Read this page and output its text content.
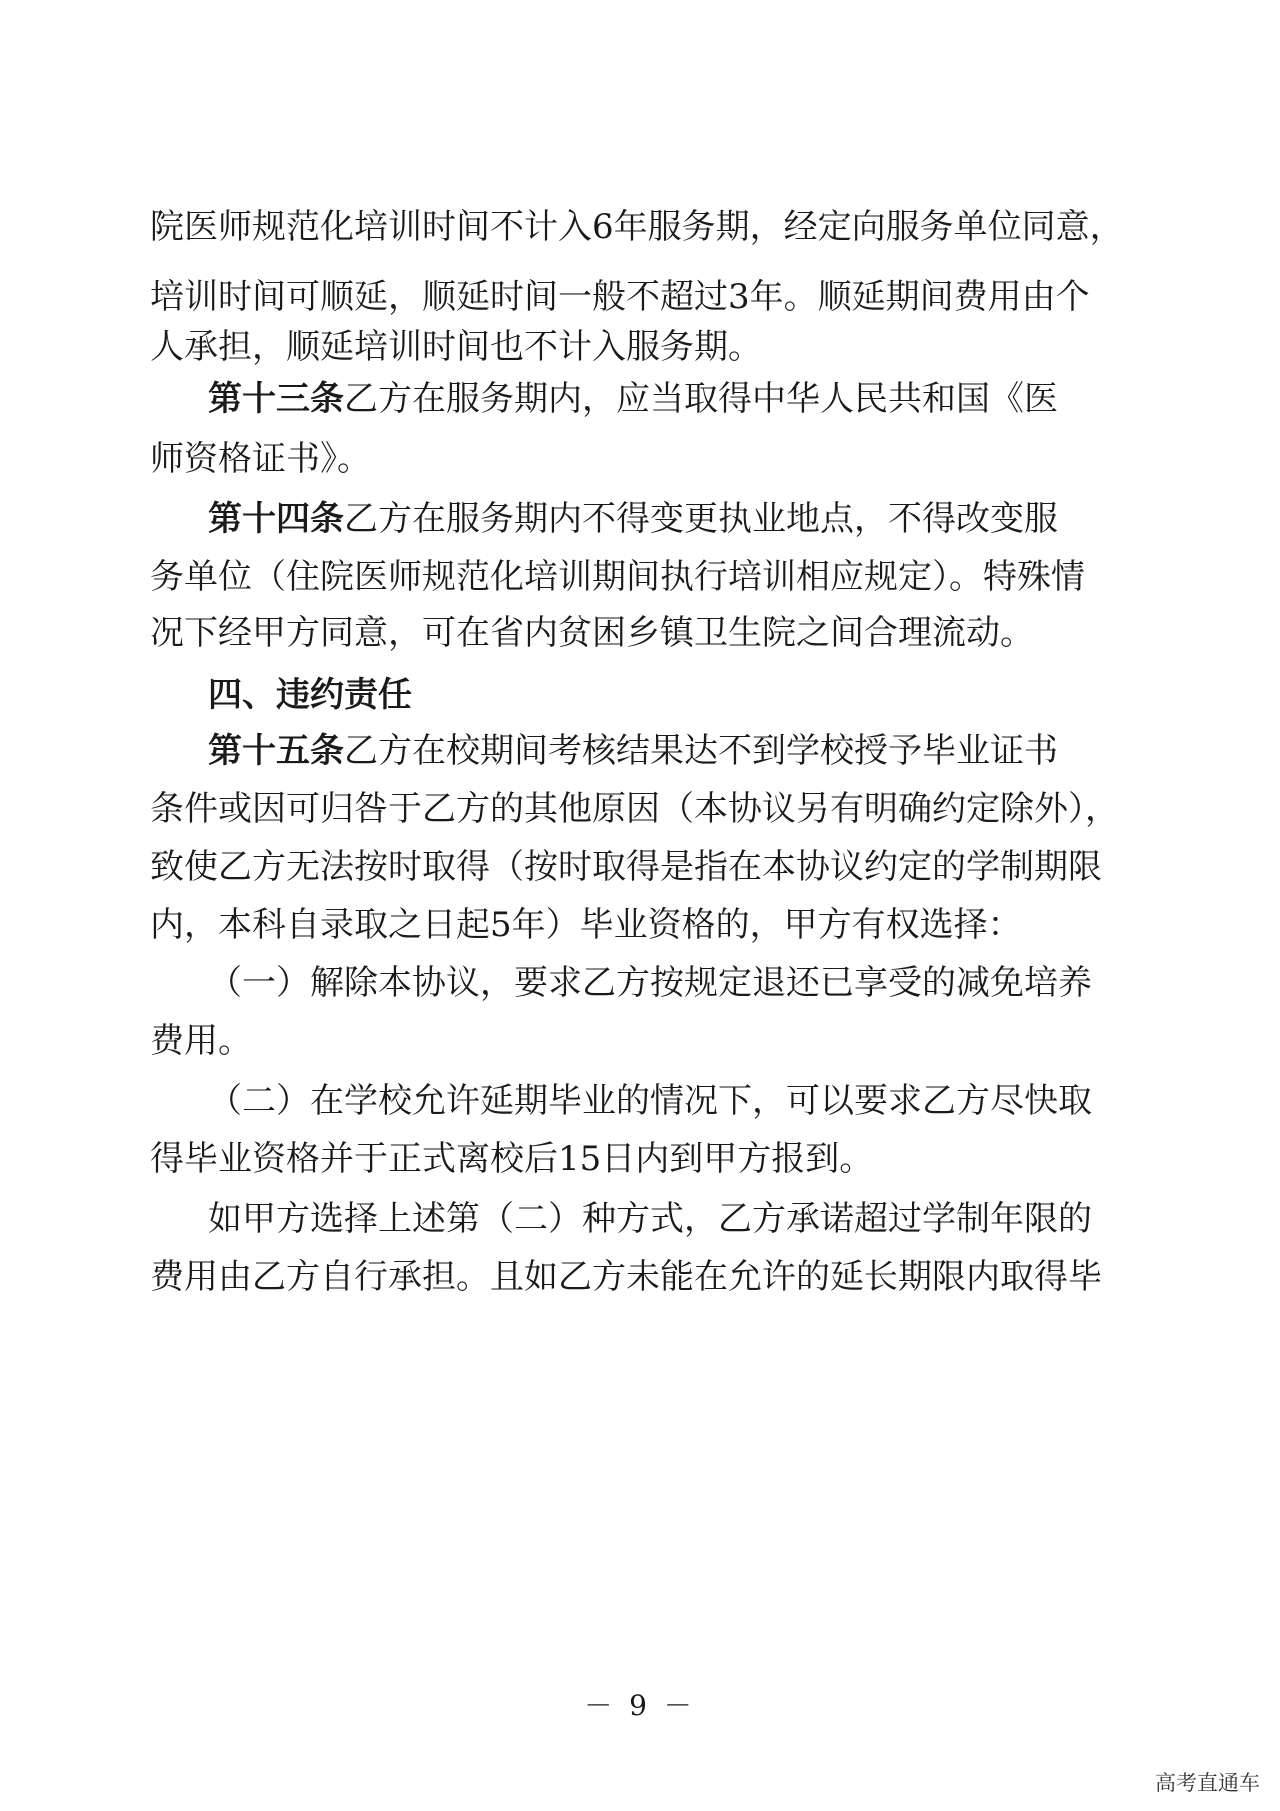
院医师规范化培训时间不计入6年服务期，经定向服务单位同意，
培训时间可顺延，顺延时间一般不超过3年。顺延期间费用由个
人承担，顺延培训时间也不计入服务期。
第十三条 乙方在服务期内，应当取得中华人民共和国《医
师资格证书》。
第十四条 乙方在服务期内不得变更执业地点，不得改变服
务单位（住院医师规范化培训期间执行培训相应规定）。特殊情
况下经甲方同意，可在省内贫困乡镇卫生院之间合理流动。
四、违约责任
第十五条 乙方在校期间考核结果达不到学校授予毕业证书
条件或因可归咎于乙方的其他原因（本协议另有明确约定除外），
致使乙方无法按时取得（按时取得是指在本协议约定的学制期限
内，本科自录取之日起5年）毕业资格的，甲方有权选择：
（一）解除本协议，要求乙方按规定退还已享受的减免培养
费用。
（二）在学校允许延期毕业的情况下，可以要求乙方尽快取
得毕业资格并于正式离校后15日内到甲方报到。
如甲方选择上述第（二）种方式，乙方承诺超过学制年限的
费用由乙方自行承担。且如乙方未能在允许的延长期限内取得毕
－ 9 －
高考直通车
